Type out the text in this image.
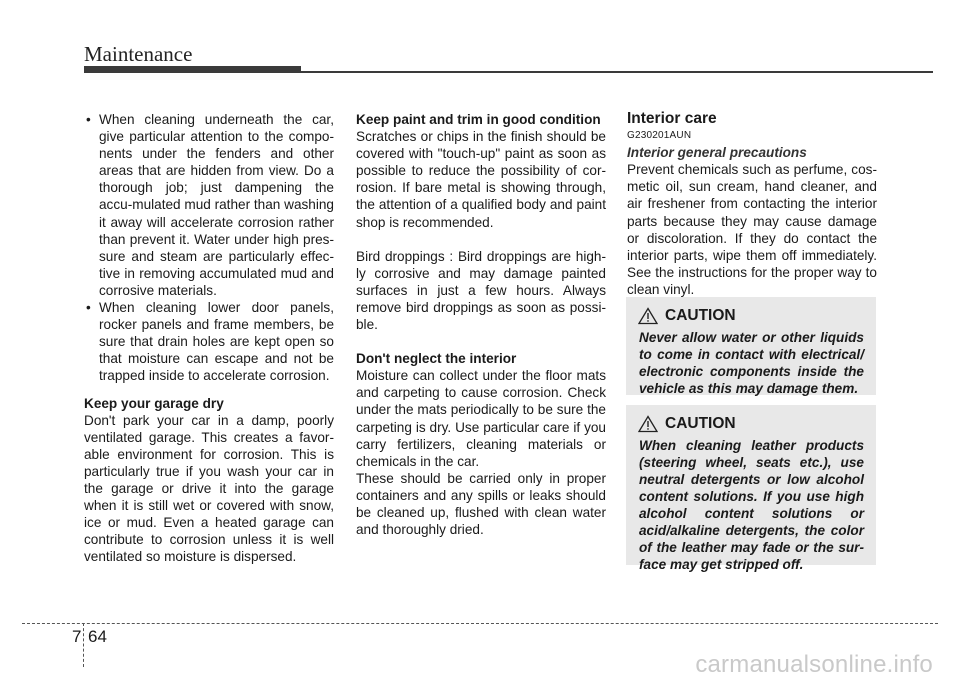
Maintenance

• When cleaning underneath the car, give particular attention to the compo-nents under the fenders and other areas that are hidden from view. Do a thorough job; just dampening the accu-mulated mud rather than washing it away will accelerate corrosion rather than prevent it. Water under high pres-sure and steam are particularly effec-tive in removing accumulated mud and corrosive materials.

• When cleaning lower door panels, rocker panels and frame members, be sure that drain holes are kept open so that moisture can escape and not be trapped inside to accelerate corrosion.

Keep your garage dry

Don't park your car in a damp, poorly ventilated garage. This creates a favor-able environment for corrosion. This is particularly true if you wash your car in the garage or drive it into the garage when it is still wet or covered with snow, ice or mud. Even a heated garage can contribute to corrosion unless it is well ventilated so moisture is dispersed.

Keep paint and trim in good condition

Scratches or chips in the finish should be covered with "touch-up" paint as soon as possible to reduce the possibility of cor-rosion. If bare metal is showing through, the attention of a qualified body and paint shop is recommended.

Bird droppings : Bird droppings are high-ly corrosive and may damage painted surfaces in just a few hours. Always remove bird droppings as soon as possi-ble.

Don't neglect the interior

Moisture can collect under the floor mats and carpeting to cause corrosion. Check under the mats periodically to be sure the carpeting is dry. Use particular care if you carry fertilizers, cleaning materials or chemicals in the car.

These should be carried only in proper containers and any spills or leaks should be cleaned up, flushed with clean water and thoroughly dried.

Interior care

G230201AUN

Interior general precautions

Prevent chemicals such as perfume, cos-metic oil, sun cream, hand cleaner, and air freshener from contacting the interior parts because they may cause damage or discoloration. If they do contact the interior parts, wipe them off immediately. See the instructions for the proper way to clean vinyl.

CAUTION

Never allow water or other liquids to come in contact with electrical/ electronic components inside the vehicle as this may damage them.

CAUTION

When cleaning leather products (steering wheel, seats etc.), use neutral detergents or low alcohol content solutions. If you use high alcohol content solutions or acid/alkaline detergents, the color of the leather may fade or the sur-face may get stripped off.

7 64
carmanualsonline.info
